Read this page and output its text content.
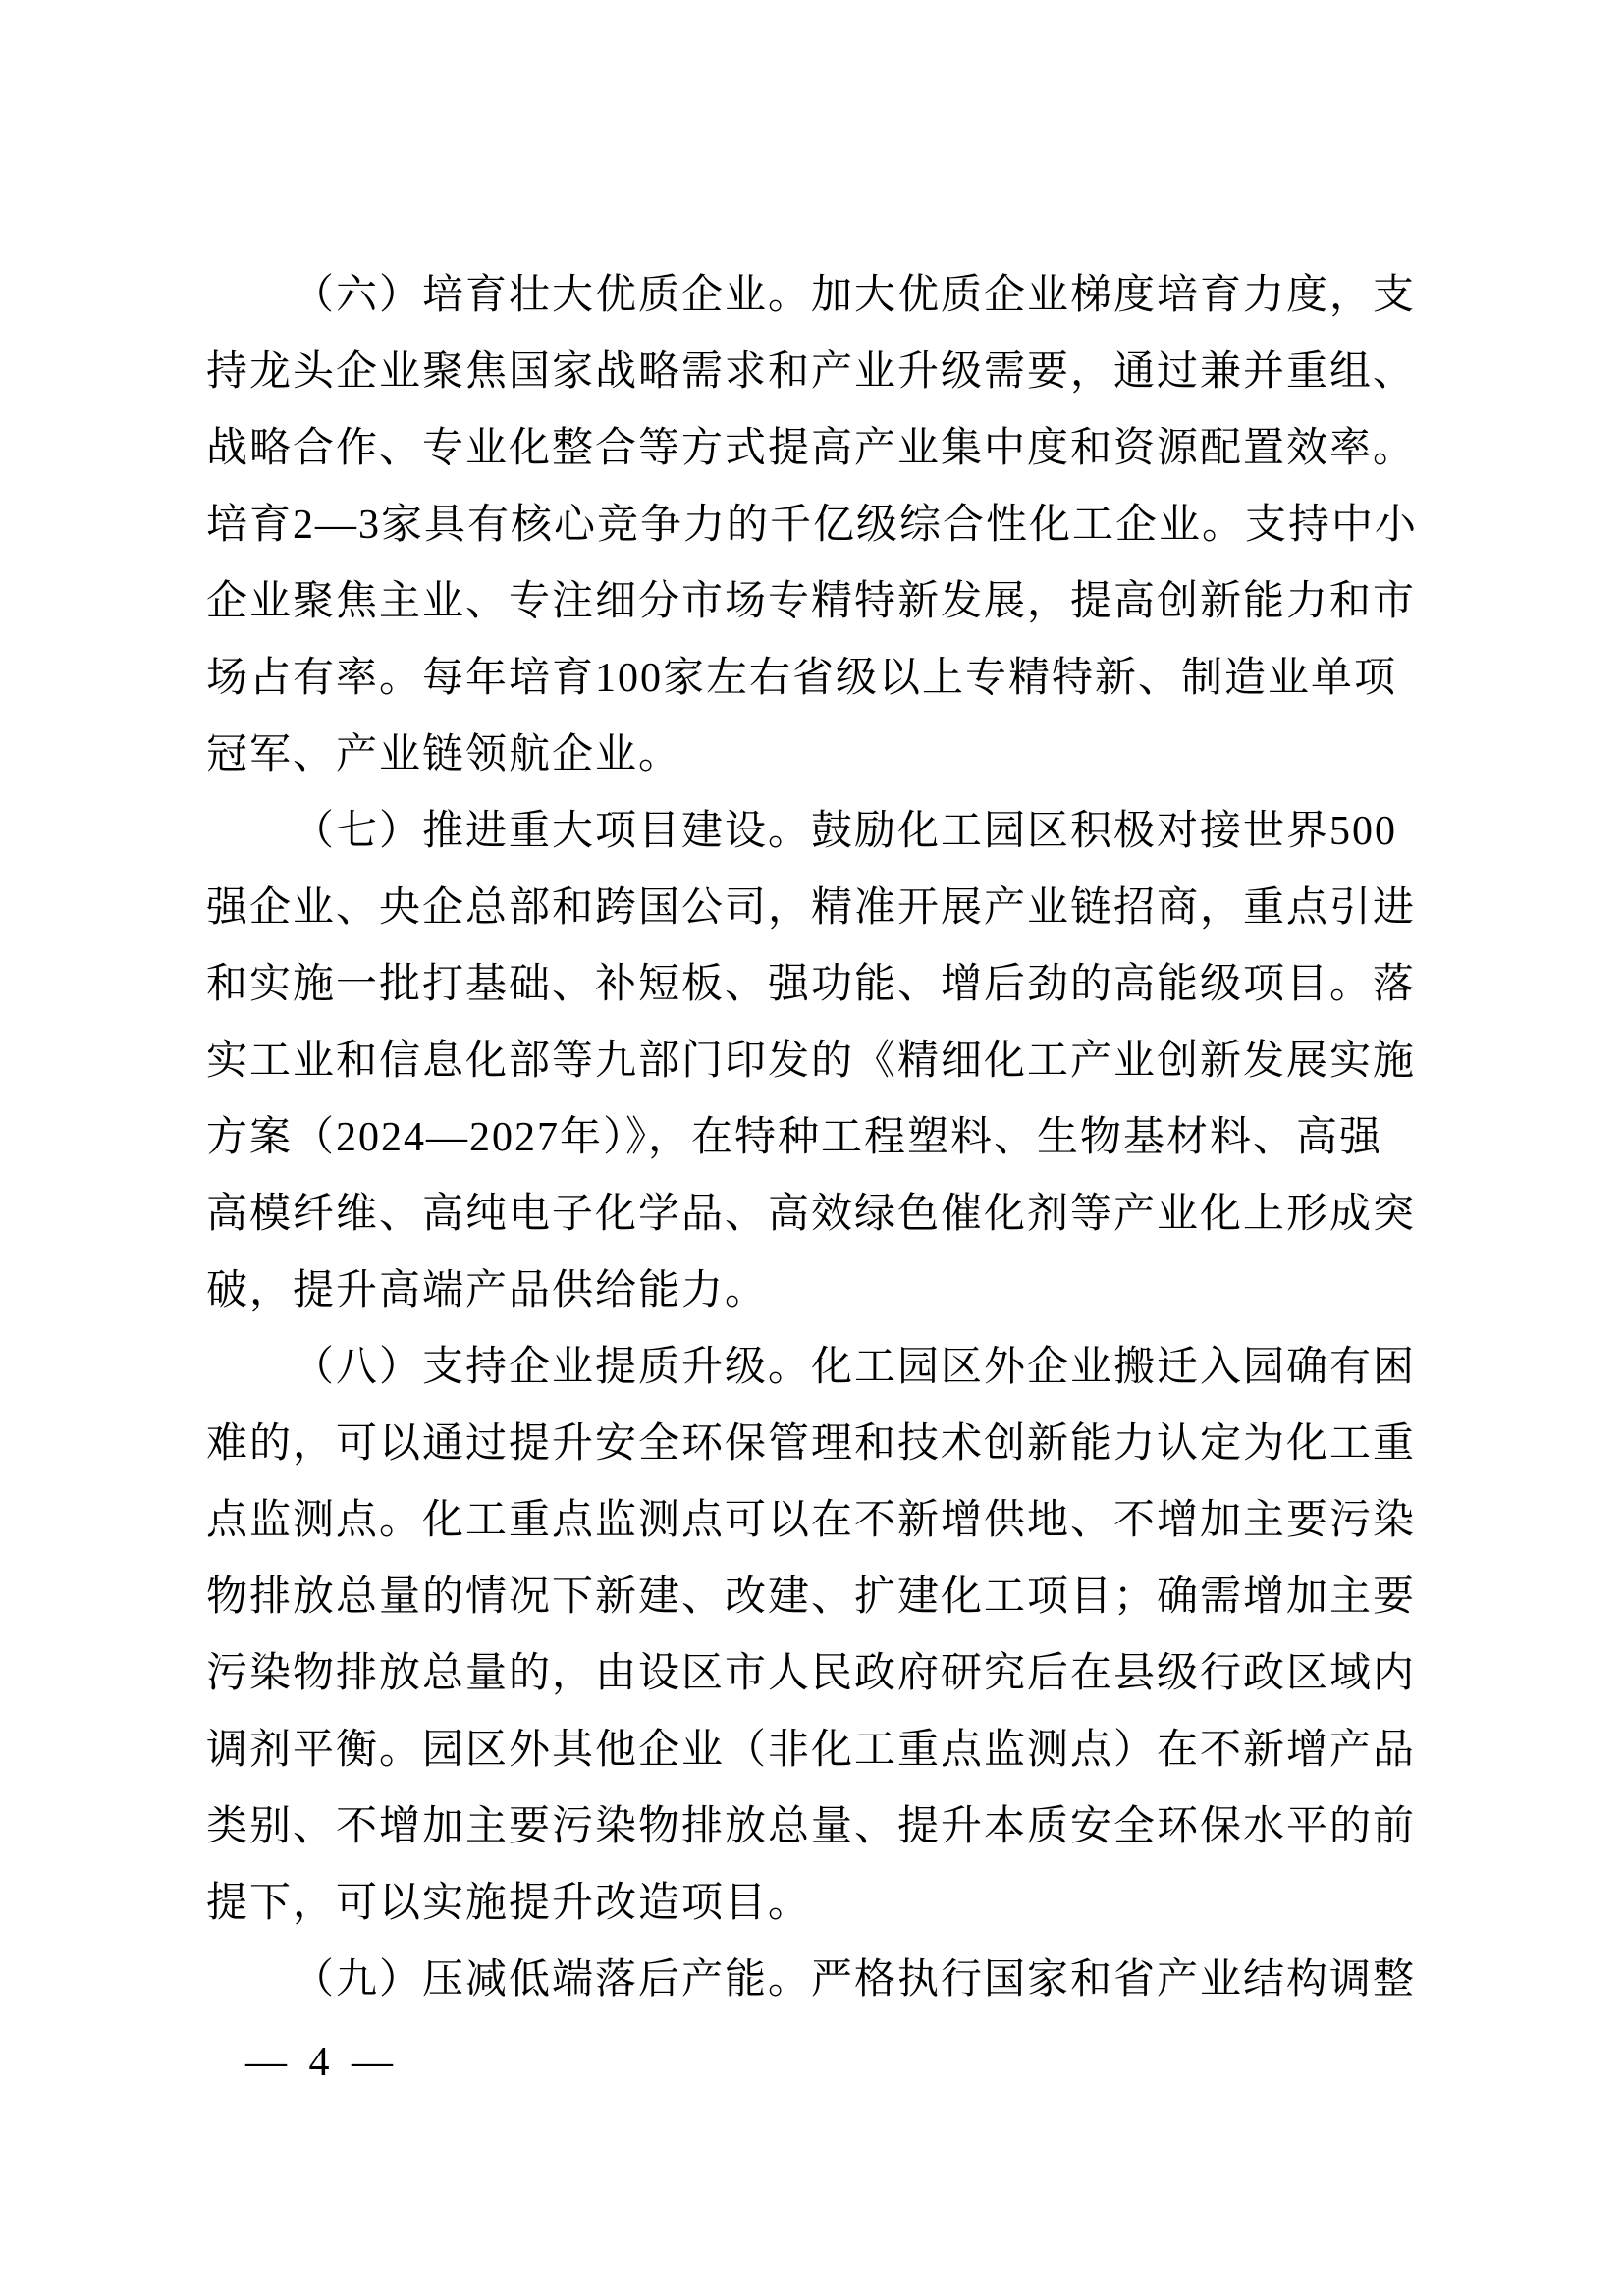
（六）培育壮大优质企业。加大优质企业梯度培育力度，支
持龙头企业聚焦国家战略需求和产业升级需要，通过兼并重组、
战略合作、专业化整合等方式提高产业集中度和资源配置效率。
培育2—3家具有核心竞争力的千亿级综合性化工企业。支持中小
企业聚焦主业、专注细分市场专精特新发展，提高创新能力和市
场占有率。每年培育100家左右省级以上专精特新、制造业单项
冠军、产业链领航企业。
（七）推进重大项目建设。鼓励化工园区积极对接世界500
强企业、央企总部和跨国公司，精准开展产业链招商，重点引进
和实施一批打基础、补短板、强功能、增后劲的高能级项目。落
实工业和信息化部等九部门印发的《精细化工产业创新发展实施
方案（2024—2027年）》，在特种工程塑料、生物基材料、高强
高模纤维、高纯电子化学品、高效绿色催化剂等产业化上形成突
破，提升高端产品供给能力。
（八）支持企业提质升级。化工园区外企业搬迁入园确有困
难的，可以通过提升安全环保管理和技术创新能力认定为化工重
点监测点。化工重点监测点可以在不新增供地、不增加主要污染
物排放总量的情况下新建、改建、扩建化工项目；确需增加主要
污染物排放总量的，由设区市人民政府研究后在县级行政区域内
调剂平衡。园区外其他企业（非化工重点监测点）在不新增产品
类别、不增加主要污染物排放总量、提升本质安全环保水平的前
提下，可以实施提升改造项目。
（九）压减低端落后产能。严格执行国家和省产业结构调整
— 4 —
